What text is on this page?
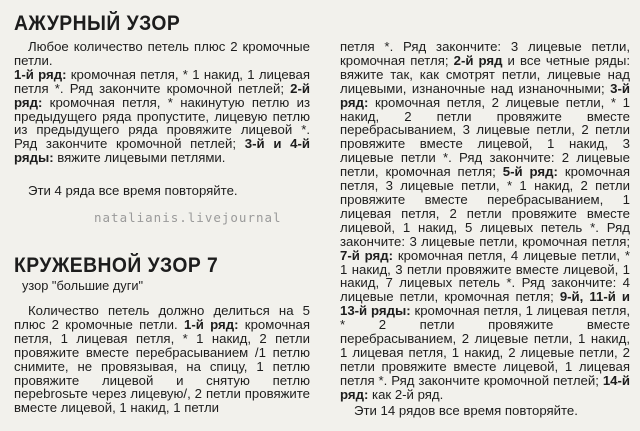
АЖУРНЫЙ УЗОР

Любое количество петель плюс 2 кромочные петли.
1-й ряд: кромочная петля, * 1 накид, 1 лицевая петля *. Ряд закончите кромочной петлей; 2-й ряд: кромочная петля, * накинутую петлю из предыдущего ряда пропустите, лицевую петлю из предыдущего ряда провяжите лицевой *. Ряд закончите кромочной петлей; 3-й и 4-й ряды: вяжите лицевыми петлями.

Эти 4 ряда все время повторяйте.

natalianis.livejournal
КРУЖЕВНОЙ УЗОР 7
узор "большие дуги"

Количество петель должно делиться на 5 плюс 2 кромочные петли. 1-й ряд: кромочная петля, 1 лицевая петля, * 1 накид, 2 петли провяжите вместе перебрасыванием /1 петлю снимите, не провязывая, на спицу, 1 петлю провяжите лицевой и снятую петлю переbrosьте через лицевую/, 2 петли провяжите вместе лицевой, 1 накид, 1 петли

петля *. Ряд закончите: 3 лицевые петли, кромочная петля; 2-й ряд и все четные ряды: вяжите так, как смотрят петли, лицевые над лицевыми, изнаночные над изнаночными; 3-й ряд: кромочная петля, 2 лицевые петли, * 1 накид, 2 петли провяжите вместе перебрасыванием, 3 лицевые петли, 2 петли провяжите вместе лицевой, 1 накид, 3 лицевые петли *. Ряд закончите: 2 лицевые петли, кромочная петля; 5-й ряд: кромочная петля, 3 лицевые петли, * 1 накид, 2 петли провяжите вместе перебрасыванием, 1 лицевая петля, 2 петли провяжите вместе лицевой, 1 накид, 5 лицевых петель *. Ряд закончите: 3 лицевые петли, кромочная петля; 7-й ряд: кромочная петля, 4 лицевые петли, * 1 накид, 3 петли провяжите вместе лицевой, 1 накид, 7 лицевых петель *. Ряд закончите: 4 лицевые петли, кромочная петля; 9-й, 11-й и 13-й ряды: кромочная петля, 1 лицевая петля, * 2 петли провяжите вместе перебрасыванием, 2 лицевые петли, 1 накид, 1 лицевая петля, 1 накид, 2 лицевые петли, 2 петли провяжите вместе лицевой, 1 лицевая петля *. Ряд закончите кромочной петлей; 14-й ряд: как 2-й ряд.

Эти 14 рядов все время повторяйте.
